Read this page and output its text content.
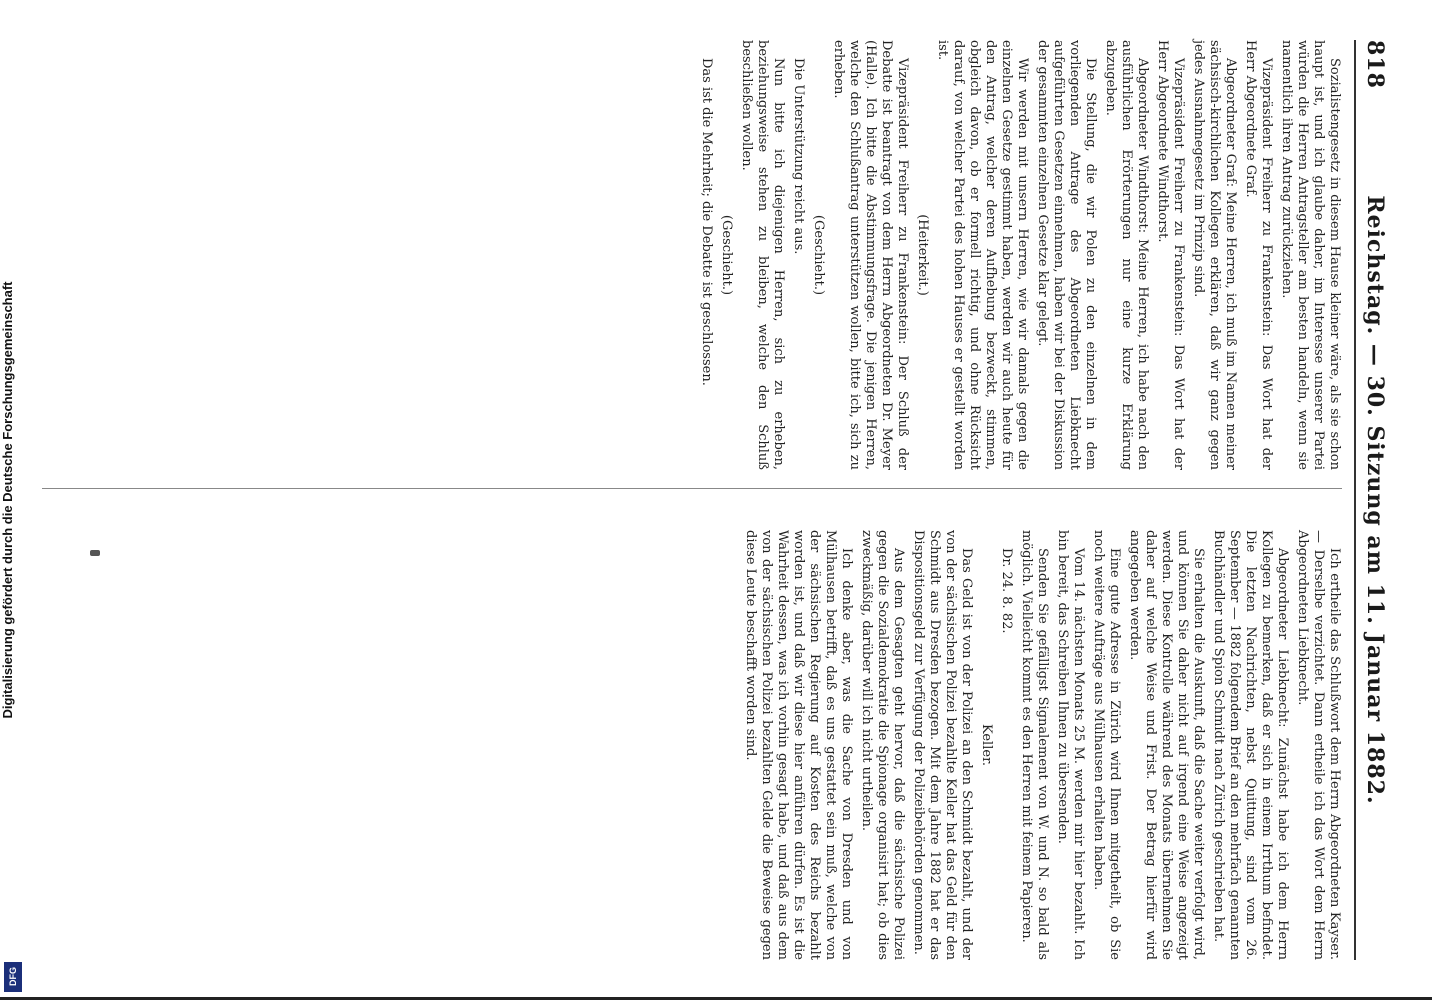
818
Reichstag. — 30. Sitzung am 11. Januar 1882.

Sozialistengesetz in diesem Hause kleiner wäre, als sie schon haupt ist, und ich glaube daher, im Interesse unserer Partei würden die Herren Antragsteller am besten handeln, wenn sie namentlich ihren Antrag zurückziehen.

Vizepräsident Freiherr zu Frankenstein: Das Wort hat der Herr Abgeordnete Graf.

Abgeordneter Graf: Meine Herren, ich muß im Namen meiner sächsisch-kirchlichen Kollegen erklären, daß wir ganz gegen jedes Ausnahmegesetz im Prinzip sind.

Vizepräsident Freiherr zu Frankenstein: Das Wort hat der Herr Abgeordnete Windthorst.

Abgeordneter Windthorst: Meine Herren, ich habe nach den ausführlichen Erörterungen nur eine kurze Erklärung abzugeben.

Die Stellung, die wir Polen zu den einzelnen in dem vorliegenden Antrage des Abgeordneten Liebknecht aufgeführten Gesetzen einnehmen, haben wir bei der Diskussion der gesammten einzelnen Gesetze klar gelegt.

Wir werden mit unsern Herren, wie wir damals gegen die einzelnen Gesetze gestimmt haben, werden wir auch heute für den Antrag, welcher deren Aufhebung bezweckt, stimmen, obgleich davon, ob er formell richtig, und ohne Rücksicht darauf, von welcher Partei des hohen Hauses er gestellt worden ist.

(Heiterkeit.)

Vizepräsident Freiherr zu Frankenstein: Der Schluß der Debatte ist beantragt von dem Herrn Abgeordneten Dr. Meyer (Halle). Ich bitte die Abstimmungsfrage. Die jenigen Herren, welche den Schlußantrag unterstützen wollen, bitte ich, sich zu erheben.

(Geschieht.)

Die Unterstützung reicht aus.

Nun bitte ich diejenigen Herren, sich zu erheben, beziehungsweise stehen zu bleiben, welche den Schluß beschließen wollen.

(Geschieht.)

Das ist die Mehrheit; die Debatte ist geschlossen.

Ich ertheile das Schlußwort dem Herrn Abgeordneten Kayser. — Derselbe verzichtet. Dann ertheile ich das Wort dem Herrn Abgeordneten Liebknecht.

Abgeordneter Liebknecht: Zunächst habe ich dem Herrn Kollegen zu bemerken, daß er sich in einem Irrthum befindet. Die letzten Nachrichten, nebst Quittung, sind vom 26. September — 1882 folgendem Brief an den mehrfach genannten Buchhändler und Spion Schmidt nach Zürich geschrieben hat.

Sie erhalten die Auskunft, daß die Sache weiter verfolgt wird, und können Sie daher nicht auf irgend eine Weise angezeigt werden. Diese Kontrolle während des Monats übernehmen Sie daher auf welche Weise und Frist. Der Betrag hierfür wird angegeben werden.

Eine gute Adresse in Zürich wird Ihnen mitgetheilt, ob Sie noch weitere Aufträge aus Mülhausen erhalten haben.

Vom 14. nächsten Monats 25 M. werden mir hier bezahlt. Ich bin bereit, das Schreiben Ihnen zu übersenden.

Senden Sie gefälligst Signalement von W. und N. so bald als möglich. Vielleicht kommt es den Herren mit feinem Papieren.

Dr. 24. 8. 82.

Keller.

Das Geld ist von der Polizei an den Schmidt bezahlt, und der von der sächsischen Polizei bezahlte Keller hat das Geld für den Schmidt aus Dresden bezogen. Mit dem Jahre 1882 hat er das Dispositionsgeld zur Verfügung der Polizeibehörden genommen.

Aus dem Gesagten geht hervor, daß die sächsische Polizei gegen die Sozialdemokratie die Spionage organisirt hat; ob dies zweckmäßig, darüber will ich nicht urtheilen.

Ich denke aber, was die Sache von Dresden und von Mülhausen betrifft, daß es uns gestattet sein muß, welche von der sächsischen Regierung auf Kosten des Reichs bezahlt worden ist, und daß wir diese hier anführen dürfen. Es ist die Wahrheit dessen, was ich vorhin gesagt habe, und daß aus dem von der sächsischen Polizei bezahlten Gelde die Beweise gegen diese Leute beschafft worden sind.

Digitalisierung gefördert durch die Deutsche Forschungsgemeinschaft
DFG
